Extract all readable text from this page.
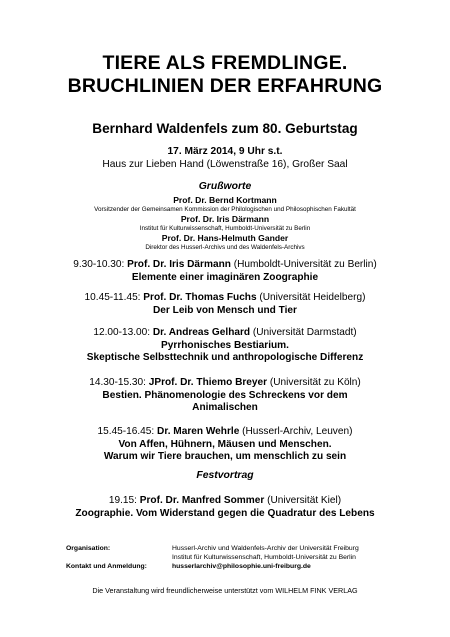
TIERE ALS FREMDLINGE.
BRUCHLINIEN DER ERFAHRUNG
Bernhard Waldenfels zum 80. Geburtstag
17. März 2014, 9 Uhr s.t.
Haus zur Lieben Hand (Löwenstraße 16), Großer Saal
Grußworte
Prof. Dr. Bernd Kortmann
Vorsitzender der Gemeinsamen Kommission der Philologischen und Philosophischen Fakultät
Prof. Dr. Iris Därmann
Institut für Kulturwissenschaft, Humboldt-Universität zu Berlin
Prof. Dr. Hans-Helmuth Gander
Direktor des Husserl-Archivs und des Waldenfels-Archivs
9.30-10.30: Prof. Dr. Iris Därmann (Humboldt-Universität zu Berlin)
Elemente einer imaginären Zoographie
10.45-11.45: Prof. Dr. Thomas Fuchs (Universität Heidelberg)
Der Leib von Mensch und Tier
12.00-13.00: Dr. Andreas Gelhard (Universität Darmstadt)
Pyrrhonisches Bestiarium.
Skeptische Selbsttechnik und anthropologische Differenz
14.30-15.30: JProf. Dr. Thiemo Breyer (Universität zu Köln)
Bestien. Phänomenologie des Schreckens vor dem
Animalischen
15.45-16.45: Dr. Maren Wehrle (Husserl-Archiv, Leuven)
Von Affen, Hühnern, Mäusen und Menschen.
Warum wir Tiere brauchen, um menschlich zu sein
Festvortrag
19.15: Prof. Dr. Manfred Sommer (Universität Kiel)
Zoographie. Vom Widerstand gegen die Quadratur des Lebens
Organisation:	Husserl-Archiv und Waldenfels-Archiv der Universität Freiburg
Institut für Kulturwissenschaft, Humboldt-Universität zu Berlin
Kontakt und Anmeldung:	husserlarchiv@philosophie.uni-freiburg.de
Die Veranstaltung wird freundlicherweise unterstützt vom WILHELM FINK VERLAG
